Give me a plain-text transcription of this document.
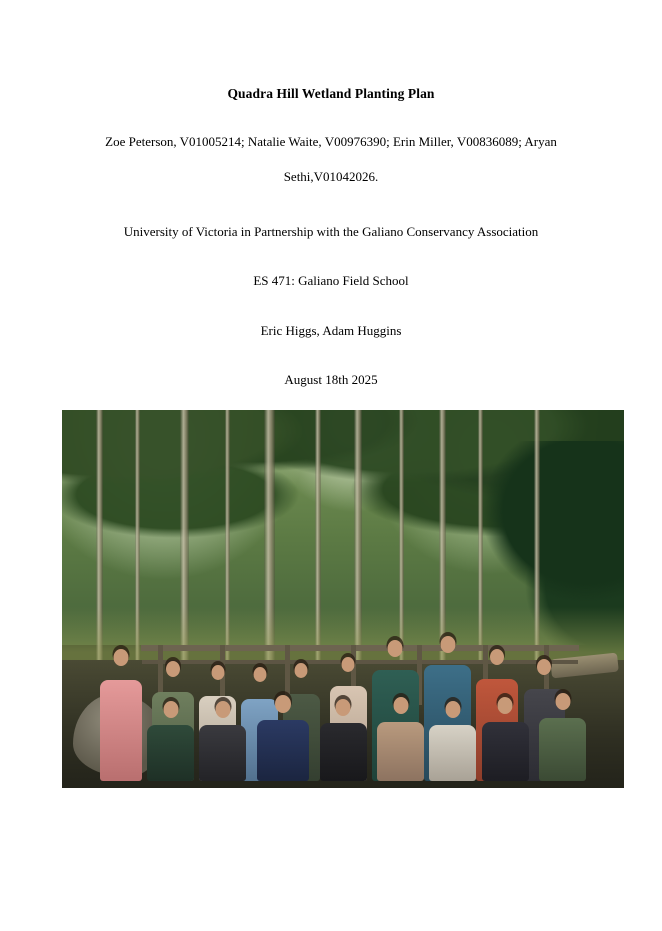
Quadra Hill Wetland Planting Plan
Zoe Peterson, V01005214; Natalie Waite, V00976390; Erin Miller, V00836089; Aryan
Sethi,V01042026.
University of Victoria in Partnership with the Galiano Conservancy Association
ES 471: Galiano Field School
Eric Higgs, Adam Huggins
August 18th 2025
